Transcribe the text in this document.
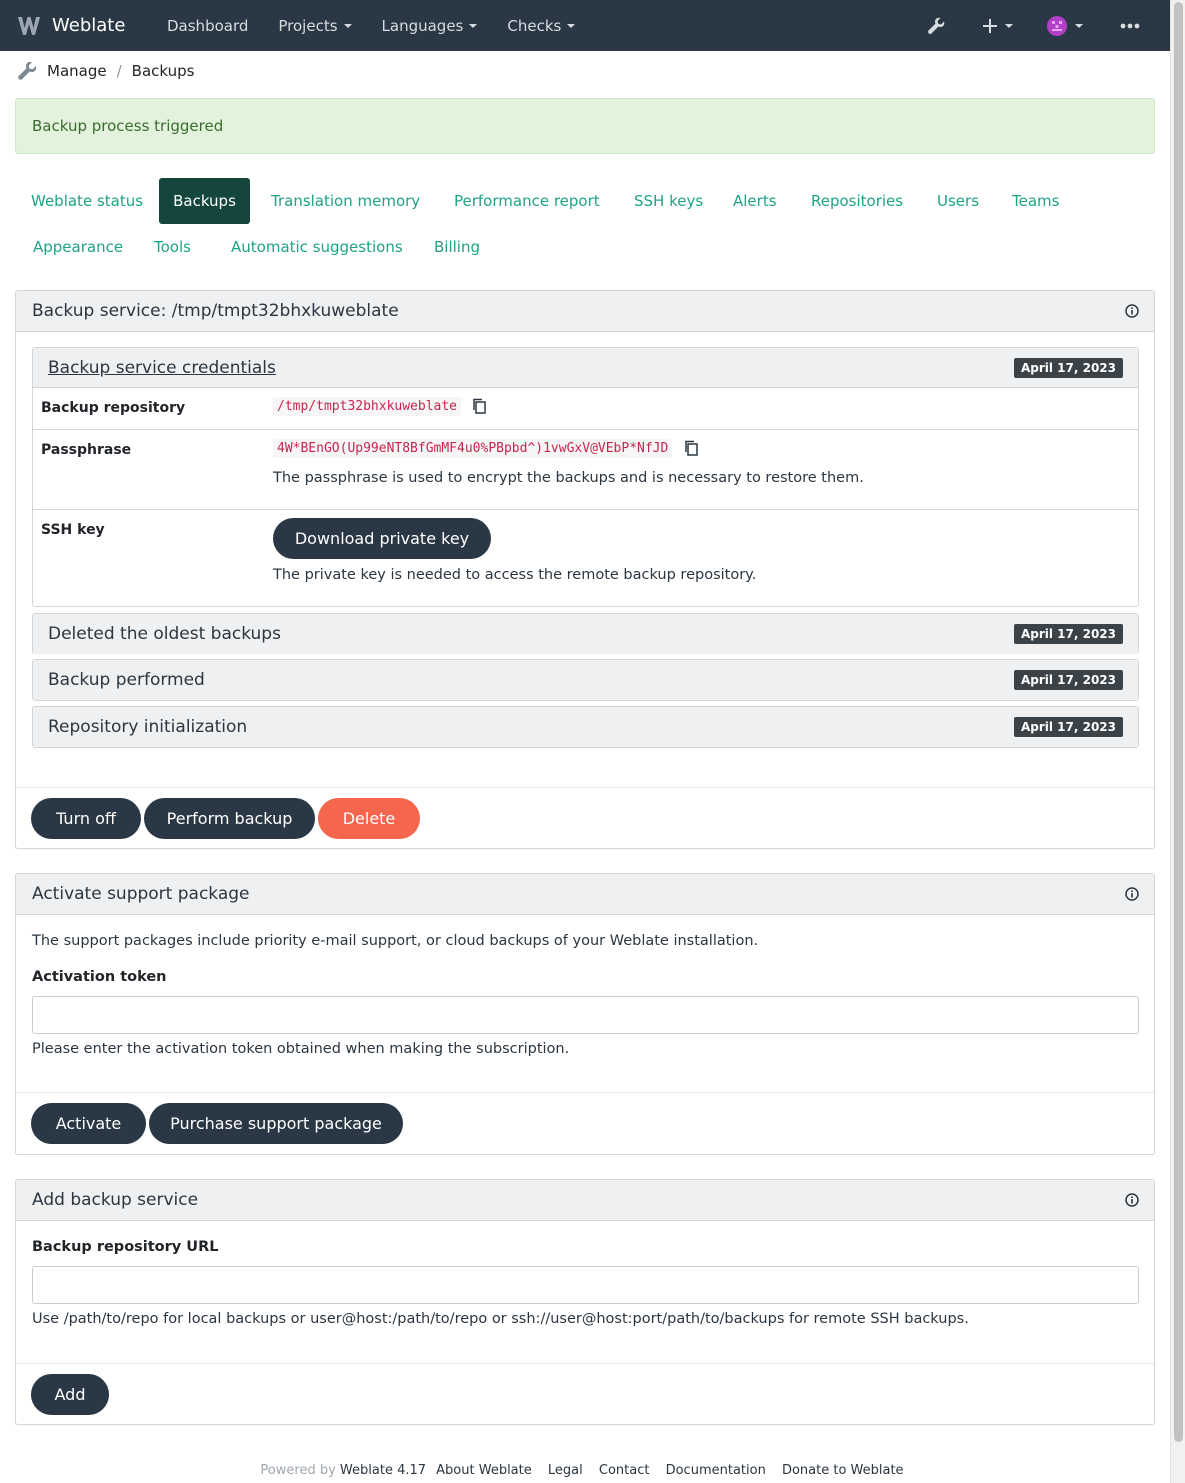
Weblate	Dashboard Projects	Languages	Checks
Manage / Backups
Backup process triggered
Weblate status Backups Translation memory Performance report SSH keys Alerts Repositories Users Teams
Appearance Tools	Automatic suggestions Billing
Backup service: /tmp/tmpt32bhxkuweblate
Backup service credentials	April 17, 2023
Backup repository	/tmp/tmpt32bhxkuweblate
Passphrase	4W*BEnGO(Up99eNT8BfGmMF4u0%PBpbd^)1vwGxV@VEbP*NfJD
The passphrase is used to encrypt the backups and is necessary to restore them.
SSH key	Download private key
The private key is needed to access the remote backup repository.
Deleted the oldest backups	April 17, 2023
Backup performed	April 17, 2023
Repository initialization	April 17, 2023
Turn off	Perform backup	Delete
Activate support package
The support packages include priority e-mail support, or cloud backups of your Weblate installation.
Activation token
Please enter the activation token obtained when making the subscription.
Activate	Purchase support package
Add backup service
Backup repository URL
Use /path/to/repo for local backups or user@host:/path/to/repo or ssh://user@host:port/path/to/backups for remote SSH backups.
Add
Powered by Weblate 4.17 About Weblate Legal Contact Documentation Donate to Weblate
